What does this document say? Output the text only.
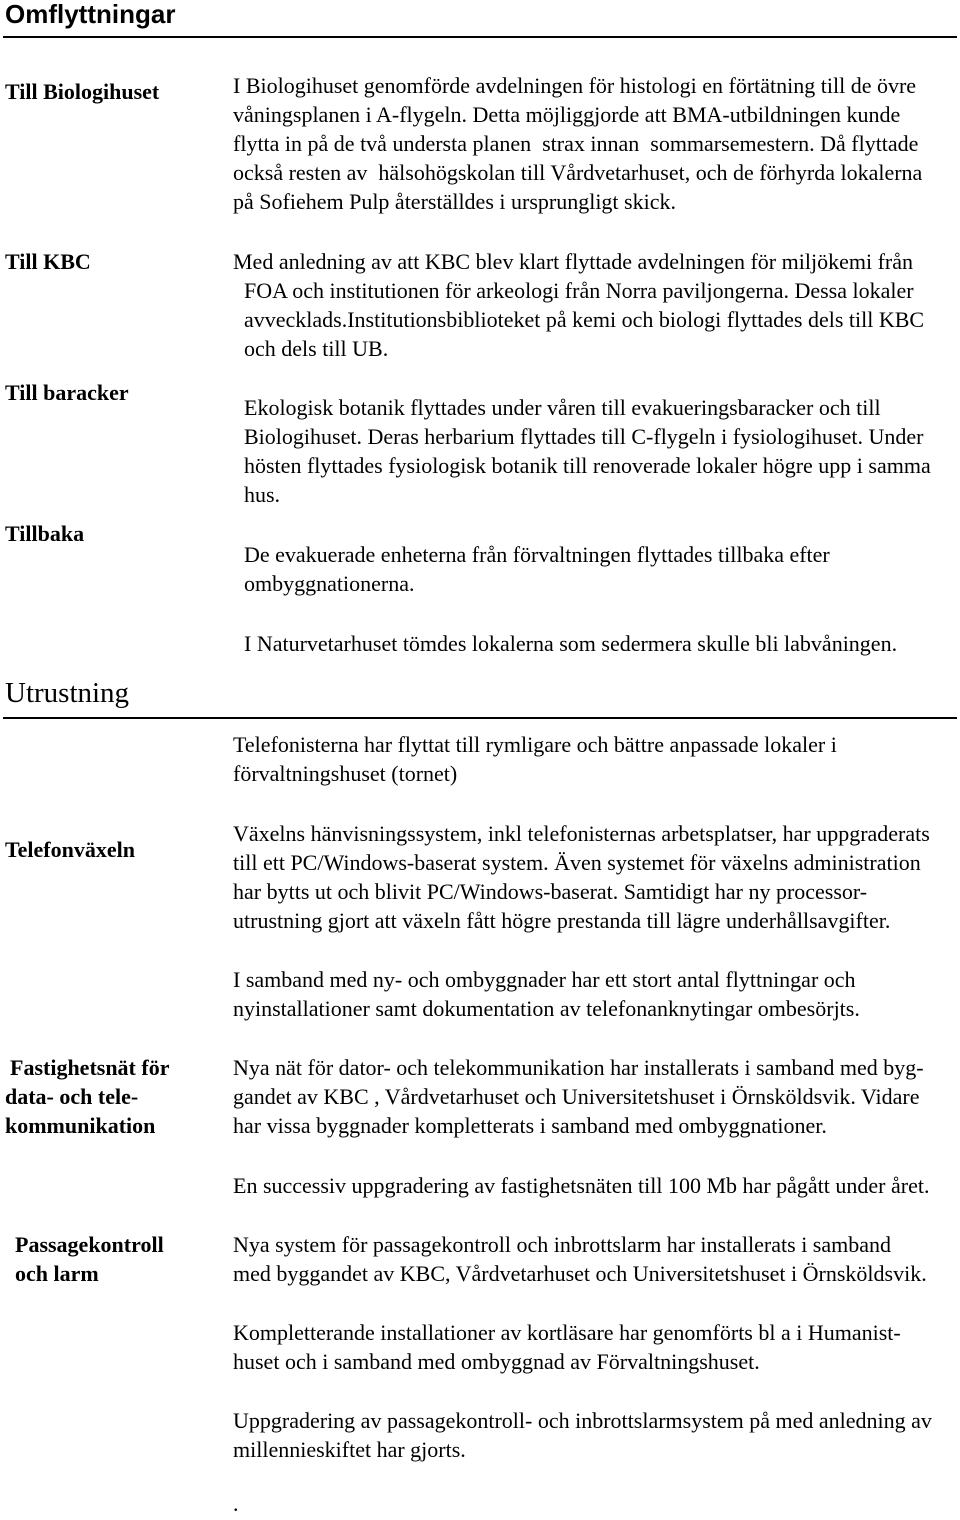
Omflyttningar
Till Biologihuset
Till KBC
Till baracker
Tillbaka
I Biologihuset genomförde avdelningen för histologi en förtätning till de övre
våningsplanen i A-flygeln. Detta möjliggjorde att BMA-utbildningen kunde
flytta in på de två understa planen  strax innan  sommarsemestern. Då flyttade
också resten av  hälsohögskolan till Vårdvetarhuset, och de förhyrda lokalerna
på Sofiehem Pulp återställdes i ursprungligt skick.
Med anledning av att KBC blev klart flyttade avdelningen för miljökemi från
FOA och institutionen för arkeologi från Norra paviljongerna. Dessa lokaler
avvecklads.Institutionsbiblioteket på kemi och biologi flyttades dels till KBC
och dels till UB.
Ekologisk botanik flyttades under våren till evakueringsbaracker och till
Biologihuset. Deras herbarium flyttades till C-flygeln i fysiologihuset. Under
hösten flyttades fysiologisk botanik till renoverade lokaler högre upp i samma
hus.
De evakuerade enheterna från förvaltningen flyttades tillbaka efter
ombyggnationerna.
I Naturvetarhuset tömdes lokalerna som sedermera skulle bli labvåningen.
Utrustning
Telefonväxeln
Fastighetsnät för
data- och tele-
kommunikation
Passagekontroll
och larm
Telefonisterna har flyttat till rymligare och bättre anpassade lokaler i
förvaltningshuset (tornet)
Växelns hänvisningssystem, inkl telefonisternas arbetsplatser, har uppgraderats
till ett PC/Windows-baserat system. Även systemet för växelns administration
har bytts ut och blivit PC/Windows-baserat. Samtidigt har ny processor-
utrustning gjort att växeln fått högre prestanda till lägre underhållsavgifter.
I samband med ny- och ombyggnader har ett stort antal flyttningar och
nyinstallationer samt dokumentation av telefonanknytingar ombesörjts.
Nya nät för dator- och telekommunikation har installerats i samband med byg-
gandet av KBC , Vårdvetarhuset och Universitetshuset i Örnsköldsvik. Vidare
har vissa byggnader kompletterats i samband med ombyggnationer.
En successiv uppgradering av fastighetsnäten till 100 Mb har pågått under året.
Nya system för passagekontroll och inbrottslarm har installerats i samband
med byggandet av KBC, Vårdvetarhuset och Universitetshuset i Örnsköldsvik.
Kompletterande installationer av kortläsare har genomförts bl a i Humanist-
huset och i samband med ombyggnad av Förvaltningshuset.
Uppgradering av passagekontroll- och inbrottslarmsystem på med anledning av
millennieskiftet har gjorts.
.
